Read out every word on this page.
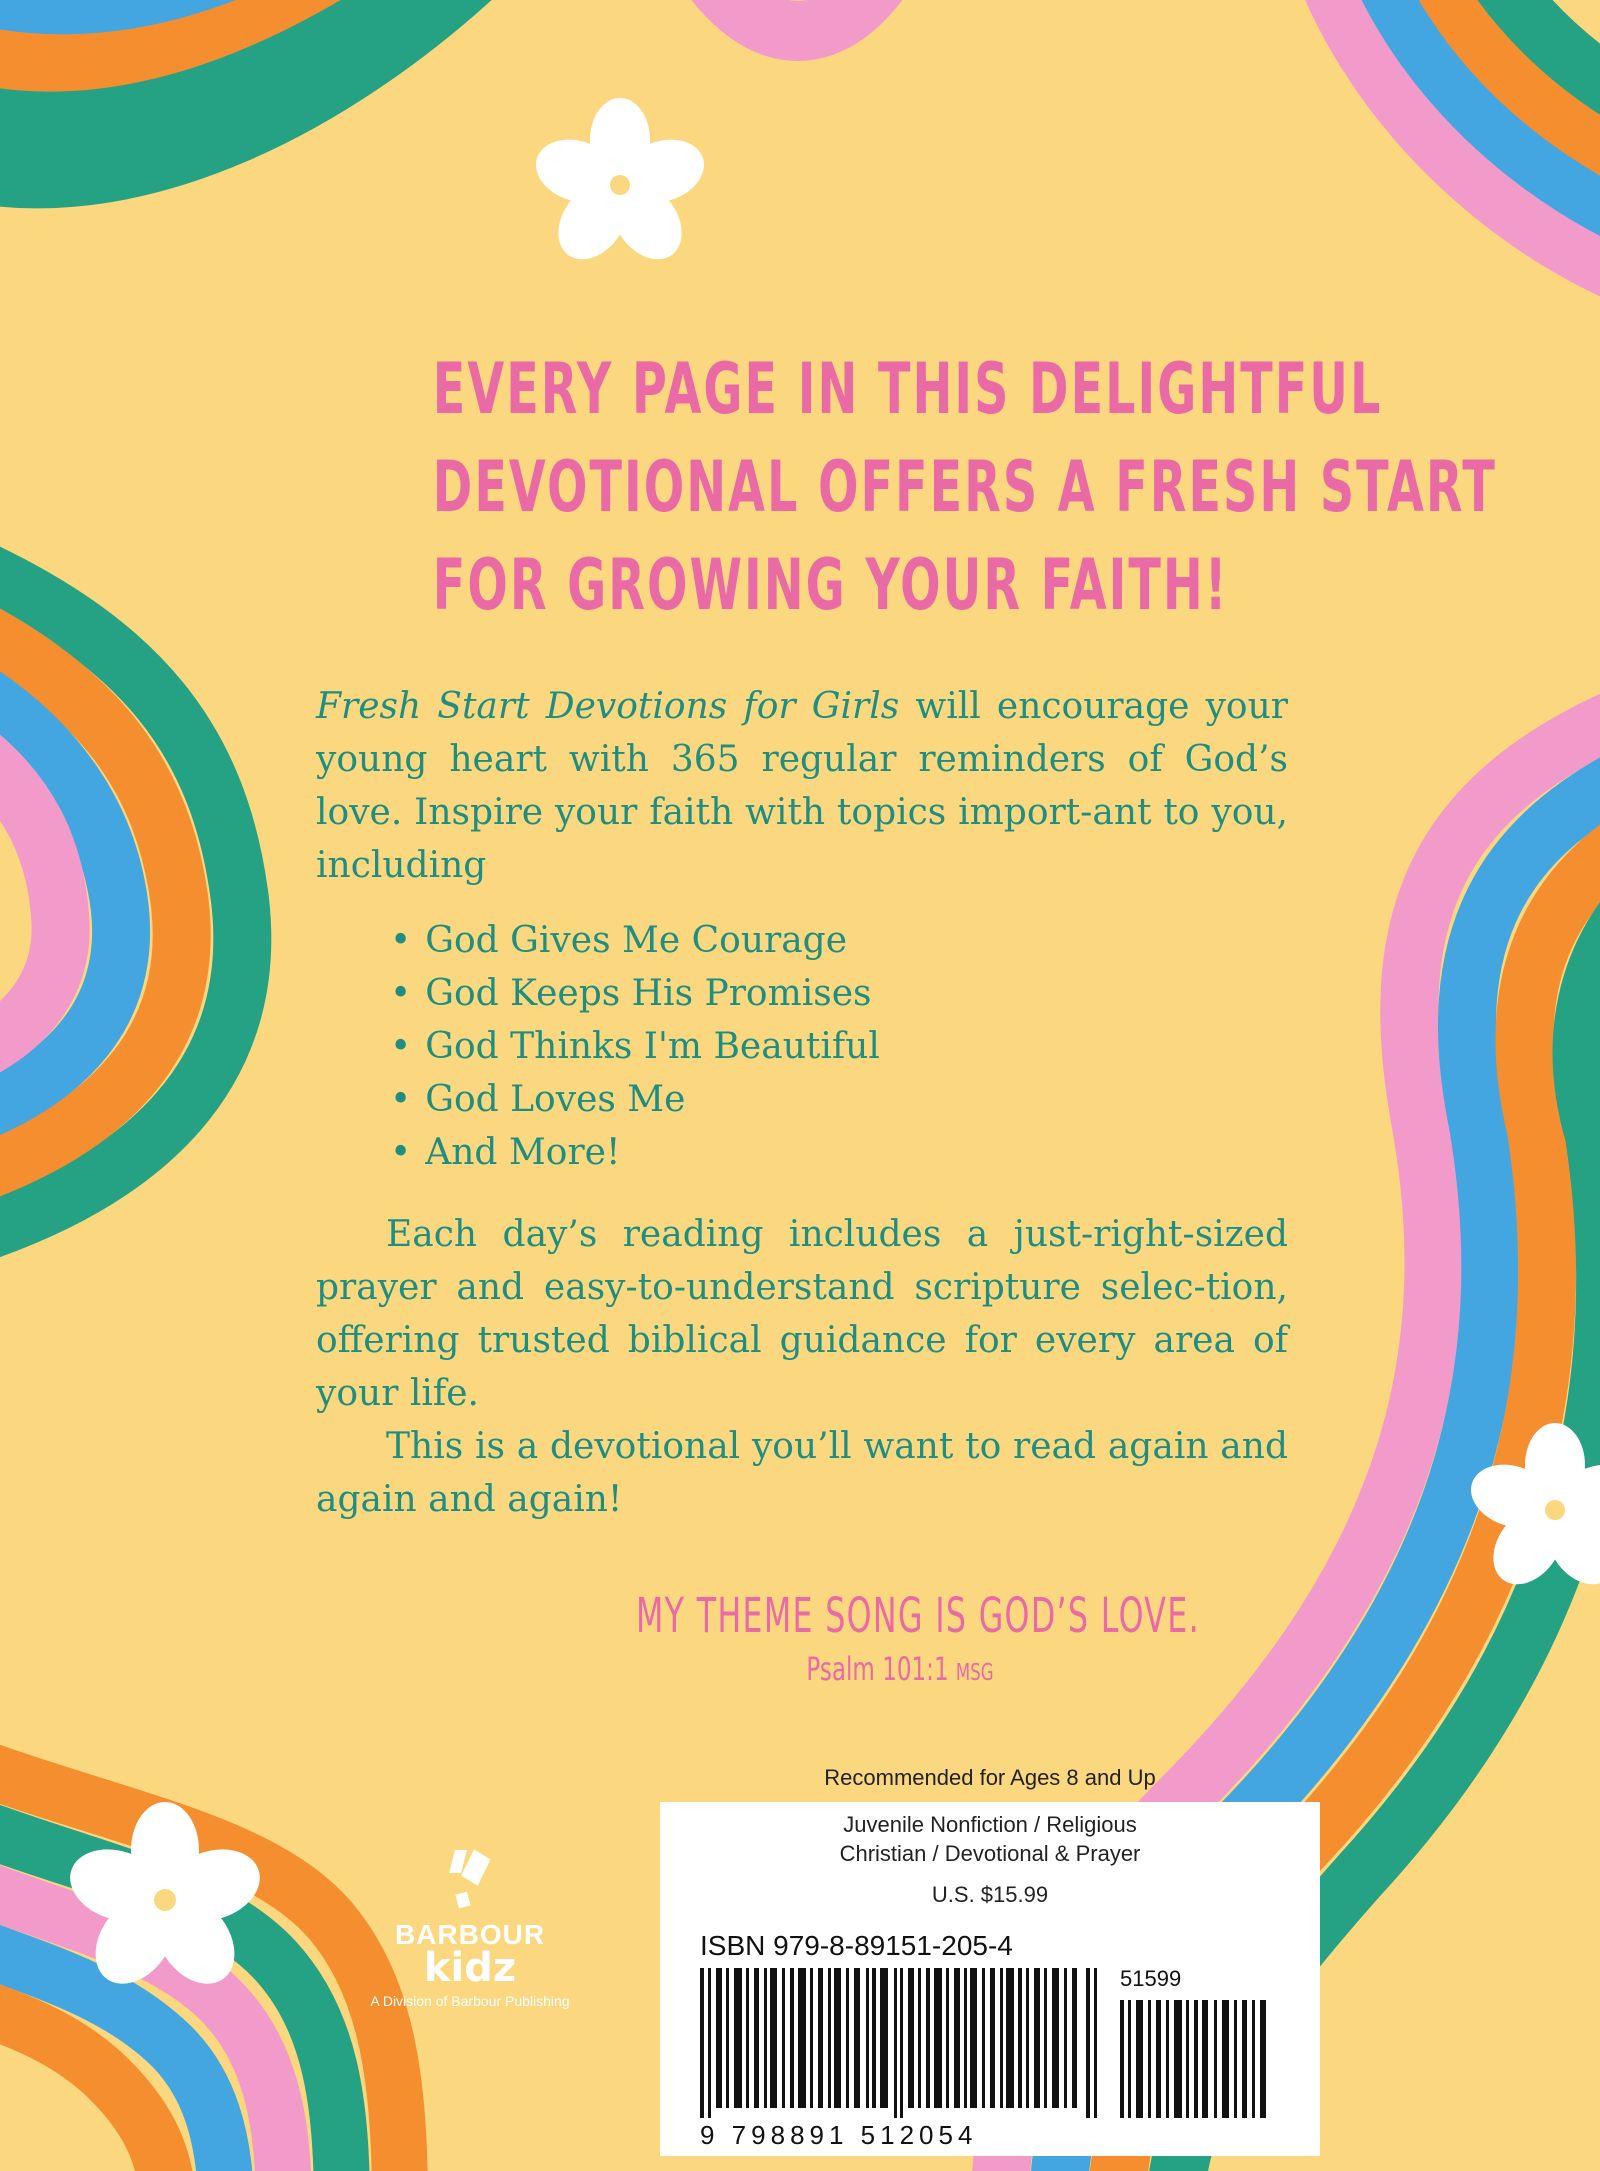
EVERY PAGE IN THIS DELIGHTFUL
DEVOTIONAL OFFERS A FRESH START
FOR GROWING YOUR FAITH!
Fresh Start Devotions for Girls will encourage your young heart with 365 regular reminders of God’s love. Inspire your faith with topics import-ant to you, including
• God Gives Me Courage
• God Keeps His Promises
• God Thinks I'm Beautiful
• God Loves Me
• And More!
Each day’s reading includes a just-right-sized prayer and easy-to-understand scripture selec-tion, offering trusted biblical guidance for every area of your life.
This is a devotional you’ll want to read again and again and again!
MY THEME SONG IS GOD’S LOVE.
Psalm 101:1 MSG
Recommended for Ages 8 and Up
Juvenile Nonfiction / Religious
Christian / Devotional & Prayer
U.S. $15.99
ISBN 979-8-89151-205-4
51599
9 798891 512054
BARBOUR
kidz
A Division of Barbour Publishing
